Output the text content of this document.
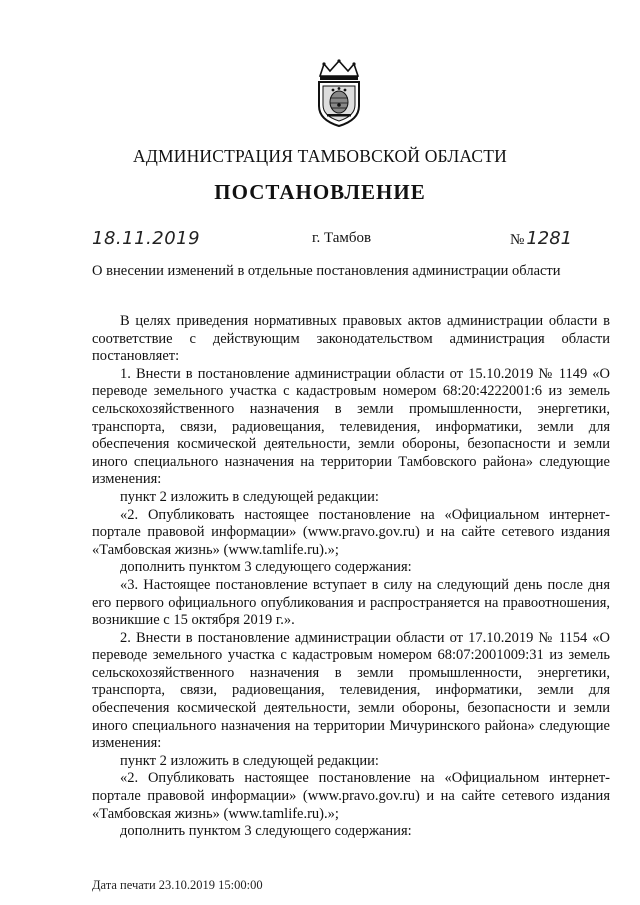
АДМИНИСТРАЦИЯ ТАМБОВСКОЙ ОБЛАСТИ
ПОСТАНОВЛЕНИЕ
18.11.2019	г. Тамбов	№ 1281
О внесении изменений в отдельные постановления администрации области

В целях приведения нормативных правовых актов администрации области в соответствие с действующим законодательством администрация области постановляет:

1. Внести в постановление администрации области от 15.10.2019 № 1149 «О переводе земельного участка с кадастровым номером 68:20:4222001:6 из земель сельскохозяйственного назначения в земли промышленности, энергетики, транспорта, связи, радиовещания, телевидения, информатики, земли для обеспечения космической деятельности, земли обороны, безопасности и земли иного специального назначения на территории Тамбовского района» следующие изменения:

пункт 2 изложить в следующей редакции:

«2. Опубликовать настоящее постановление на «Официальном интернет-портале правовой информации» (www.pravo.gov.ru) и на сайте сетевого издания «Тамбовская жизнь» (www.tamlife.ru).»;

дополнить пунктом 3 следующего содержания:

«3. Настоящее постановление вступает в силу на следующий день после дня его первого официального опубликования и распространяется на правоотношения, возникшие с 15 октября 2019 г.».

2. Внести в постановление администрации области от 17.10.2019 № 1154 «О переводе земельного участка с кадастровым номером 68:07:2001009:31 из земель сельскохозяйственного назначения в земли промышленности, энергетики, транспорта, связи, радиовещания, телевидения, информатики, земли для обеспечения космической деятельности, земли обороны, безопасности и земли иного специального назначения на территории Мичуринского района» следующие изменения:

пункт 2 изложить в следующей редакции:

«2. Опубликовать настоящее постановление на «Официальном интернет-портале правовой информации» (www.pravo.gov.ru) и на сайте сетевого издания «Тамбовская жизнь» (www.tamlife.ru).»;

дополнить пунктом 3 следующего содержания:

Дата печати 23.10.2019 15:00:00
